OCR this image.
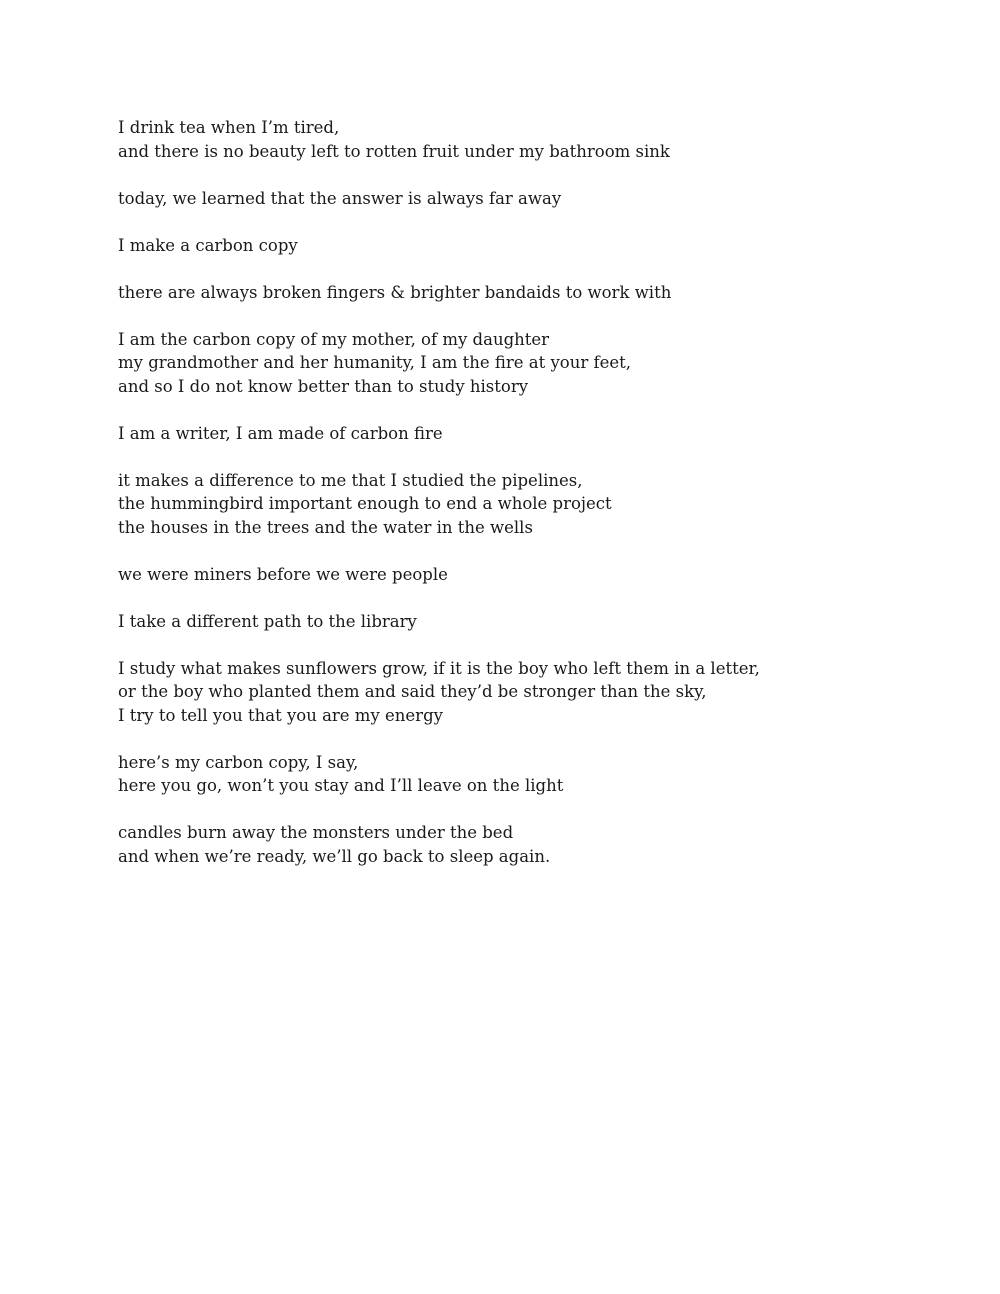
I drink tea when I’m tired,
and there is no beauty left to rotten fruit under my bathroom sink
today, we learned that the answer is always far away
I make a carbon copy
there are always broken fingers & brighter bandaids to work with
I am the carbon copy of my mother, of my daughter
my grandmother and her humanity, I am the fire at your feet,
and so I do not know better than to study history
I am a writer, I am made of carbon fire
it makes a difference to me that I studied the pipelines,
the hummingbird important enough to end a whole project
the houses in the trees and the water in the wells
we were miners before we were people
I take a different path to the library
I study what makes sunflowers grow, if it is the boy who left them in a letter,
or the boy who planted them and said they’d be stronger than the sky,
I try to tell you that you are my energy
here’s my carbon copy, I say,
here you go, won’t you stay and I’ll leave on the light
candles burn away the monsters under the bed
and when we’re ready, we’ll go back to sleep again.
